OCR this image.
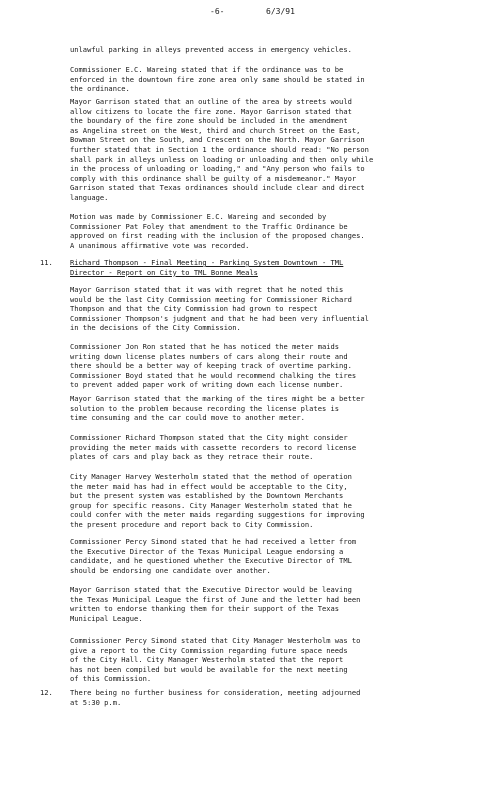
-6-	6/3/91
unlawful parking in alleys prevented access in emergency vehicles.
Commissioner E.C. Wareing stated that if the ordinance was to be
enforced in the downtown fire zone area only same should be stated in
the ordinance.
Mayor Garrison stated that an outline of the area by streets would
allow citizens to locate the fire zone. Mayor Garrison stated that
the boundary of the fire zone should be included in the amendment
as Angelina street on the West, third and church Street on the East,
Bowman Street on the South, and Crescent on the North. Mayor Garrison
further stated that in Section 1 the ordinance should read: "No person
shall park in alleys unless on loading or unloading and then only while
in the process of unloading or loading," and "Any person who fails to
comply with this ordinance shall be guilty of a misdemeanor." Mayor
Garrison stated that Texas ordinances should include clear and direct
language.
Motion was made by Commissioner E.C. Wareing and seconded by
Commissioner Pat Foley that amendment to the Traffic Ordinance be
approved on first reading with the inclusion of the proposed changes.
A unanimous affirmative vote was recorded.
11. Richard Thompson - Final Meeting - Parking System Downtown - TML
Director - Report on City to TML Bonne Meals
Mayor Garrison stated that it was with regret that he noted this
would be the last City Commission meeting for Commissioner Richard
Thompson and that the City Commission had grown to respect
Commissioner Thompson's judgment and that he had been very influential
in the decisions of the City Commission.
Commissioner Jon Ron stated that he has noticed the meter maids
writing down license plates numbers of cars along their route and
there should be a better way of keeping track of overtime parking.
Commissioner Boyd stated that he would recommend chalking the tires
to prevent added paper work of writing down each license number.
Mayor Garrison stated that the marking of the tires might be a better
solution to the problem because recording the license plates is
time consuming and the car could move to another meter.
Commissioner Richard Thompson stated that the City might consider
providing the meter maids with cassette recorders to record license
plates of cars and play back as they retrace their route.
City Manager Harvey Westerholm stated that the method of operation
the meter maid has had in effect would be acceptable to the City,
but the present system was established by the Downtown Merchants
group for specific reasons. City Manager Westerholm stated that he
could confer with the meter maids regarding suggestions for improving
the present procedure and report back to City Commission.
Commissioner Percy Simond stated that he had received a letter from
the Executive Director of the Texas Municipal League endorsing a
candidate, and he questioned whether the Executive Director of TML
should be endorsing one candidate over another.
Mayor Garrison stated that the Executive Director would be leaving
the Texas Municipal League the first of June and the letter had been
written to endorse thanking them for their support of the Texas
Municipal League.
Commissioner Percy Simond stated that City Manager Westerholm was to
give a report to the City Commission regarding future space needs
of the City Hall. City Manager Westerholm stated that the report
has not been compiled but would be available for the next meeting
of this Commission.
12. There being no further business for consideration, meeting adjourned
at 5:30 p.m.
